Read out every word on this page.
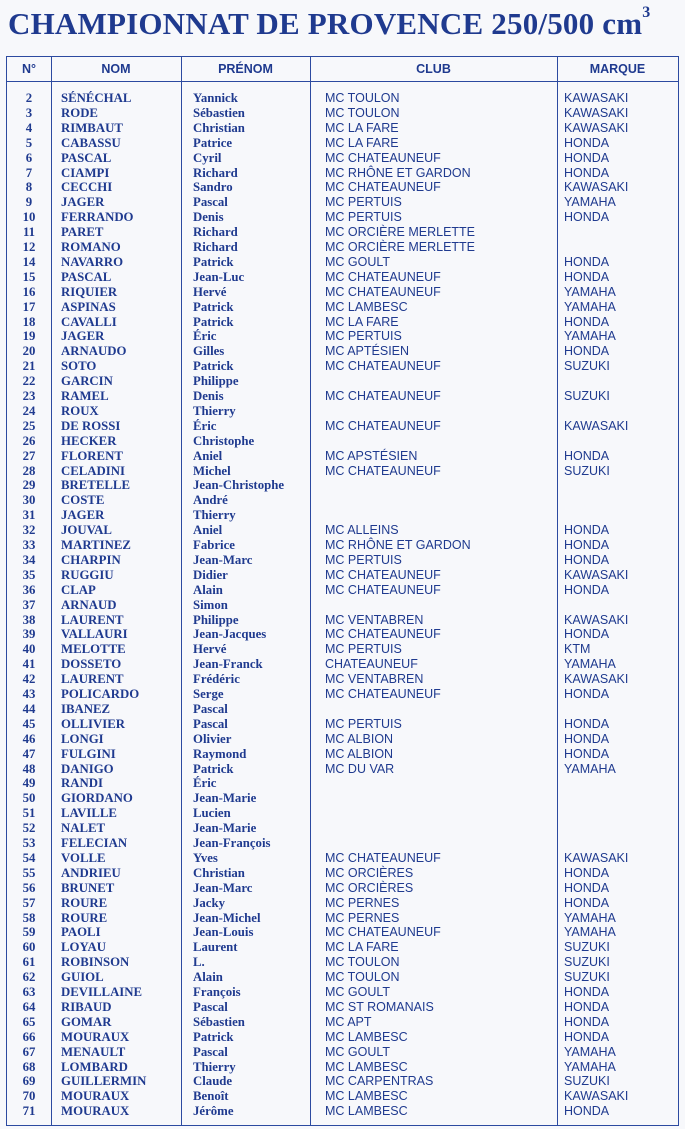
CHAMPIONNAT DE PROVENCE 250/500 $cm^3$
N°	NOM	PRÉNOM	CLUB	MARQUE
2	SÉNÉCHAL	Yannick	MC TOULON	KAWASAKI
3	RODE	Sébastien	MC TOULON	KAWASAKI
4	RIMBAUT	Christian	MC LA FARE	KAWASAKI
5	CABASSU	Patrice	MC LA FARE	HONDA
6	PASCAL	Cyril	MC CHATEAUNEUF	HONDA
7	CIAMPI	Richard	MC RHÔNE ET GARDON	HONDA
8	CECCHI	Sandro	MC CHATEAUNEUF	KAWASAKI
9	JAGER	Pascal	MC PERTUIS	YAMAHA
10	FERRANDO	Denis	MC PERTUIS	HONDA
11	PARET	Richard	MC ORCIÈRE MERLETTE
12	ROMANO	Richard	MC ORCIÈRE MERLETTE
14	NAVARRO	Patrick	MC GOULT	HONDA
15	PASCAL	Jean-Luc	MC CHATEAUNEUF	HONDA
16	RIQUIER	Hervé	MC CHATEAUNEUF	YAMAHA
17	ASPINAS	Patrick	MC LAMBESC	YAMAHA
18	CAVALLI	Patrick	MC LA FARE	HONDA
19	JAGER	Éric	MC PERTUIS	YAMAHA
20	ARNAUDO	Gilles	MC APTÉSIEN	HONDA
21	SOTO	Patrick	MC CHATEAUNEUF	SUZUKI
22	GARCIN	Philippe
23	RAMEL	Denis	MC CHATEAUNEUF	SUZUKI
24	ROUX	Thierry
25	DE ROSSI	Éric	MC CHATEAUNEUF	KAWASAKI
26	HECKER	Christophe
27	FLORENT	Aniel	MC APSTÉSIEN	HONDA
28	CELADINI	Michel	MC CHATEAUNEUF	SUZUKI
29	BRETELLE	Jean-Christophe
30	COSTE	André
31	JAGER	Thierry
32	JOUVAL	Aniel	MC ALLEINS	HONDA
33	MARTINEZ	Fabrice	MC RHÔNE ET GARDON	HONDA
34	CHARPIN	Jean-Marc	MC PERTUIS	HONDA
35	RUGGIU	Didier	MC CHATEAUNEUF	KAWASAKI
36	CLAP	Alain	MC CHATEAUNEUF	HONDA
37	ARNAUD	Simon
38	LAURENT	Philippe	MC VENTABREN	KAWASAKI
39	VALLAURI	Jean-Jacques	MC CHATEAUNEUF	HONDA
40	MELOTTE	Hervé	MC PERTUIS	KTM
41	DOSSETO	Jean-Franck	CHATEAUNEUF	YAMAHA
42	LAURENT	Frédéric	MC VENTABREN	KAWASAKI
43	POLICARDO	Serge	MC CHATEAUNEUF	HONDA
44	IBANEZ	Pascal
45	OLLIVIER	Pascal	MC PERTUIS	HONDA
46	LONGI	Olivier	MC ALBION	HONDA
47	FULGINI	Raymond	MC ALBION	HONDA
48	DANIGO	Patrick	MC DU VAR	YAMAHA
49	RANDI	Éric
50	GIORDANO	Jean-Marie
51	LAVILLE	Lucien
52	NALET	Jean-Marie
53	FELECIAN	Jean-François
54	VOLLE	Yves	MC CHATEAUNEUF	KAWASAKI
55	ANDRIEU	Christian	MC ORCIÈRES	HONDA
56	BRUNET	Jean-Marc	MC ORCIÈRES	HONDA
57	ROURE	Jacky	MC PERNES	HONDA
58	ROURE	Jean-Michel	MC PERNES	YAMAHA
59	PAOLI	Jean-Louis	MC CHATEAUNEUF	YAMAHA
60	LOYAU	Laurent	MC LA FARE	SUZUKI
61	ROBINSON	L.	MC TOULON	SUZUKI
62	GUIOL	Alain	MC TOULON	SUZUKI
63	DEVILLAINE	François	MC GOULT	HONDA
64	RIBAUD	Pascal	MC ST ROMANAIS	HONDA
65	GOMAR	Sébastien	MC APT	HONDA
66	MOURAUX	Patrick	MC LAMBESC	HONDA
67	MENAULT	Pascal	MC GOULT	YAMAHA
68	LOMBARD	Thierry	MC LAMBESC	YAMAHA
69	GUILLERMIN	Claude	MC CARPENTRAS	SUZUKI
70	MOURAUX	Benoît	MC LAMBESC	KAWASAKI
71	MOURAUX	Jérôme	MC LAMBESC	HONDA
